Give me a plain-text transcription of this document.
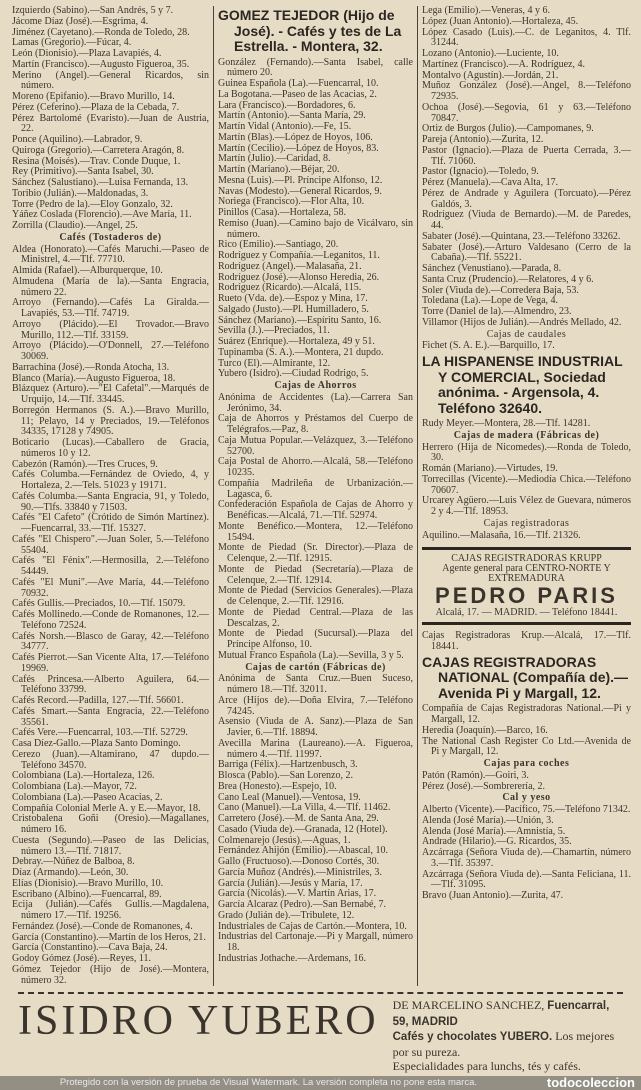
Izquierdo (Sabino).—San Andrés, 5 y 7.
Jácome Díaz (José).—Esgrima, 4.
Jiménez (Cayetano).—Ronda de Toledo, 28.
Lamas (Gregorio).—Fúcar, 4.
León (Dionisio).—Plaza Lavapiés, 4.
Martín (Francisco).—Augusto Figueroa, 35.
Merino (Angel).—General Ricardos, sin número.
Moreno (Epifanio).—Bravo Murillo, 14.
Pérez (Ceferino).—Plaza de la Cebada, 7.
Pérez Bartolomé (Evaristo).—Juan de Austria, 22.
Ponce (Aquilino).—Labrador, 9.
Quiroga (Gregorio).—Carretera Aragón, 8.
Resina (Moisés).—Trav. Conde Duque, 1.
Rey (Primitivo).—Santa Isabel, 30.
Sánchez (Salustiano).—Luisa Fernanda, 13.
Toribio (Julián).—Maldonadas, 3.
Torre (Pedro de la).—Eloy Gonzalo, 32.
Yáñez Coslada (Florencio).—Ave María, 11.
Zorrilla (Claudio).—Angel, 25.
Cafés (Tostaderos de)
Aldea (Honorato).—Cafés Maruchi.—Paseo de Ministrel, 4.—Tlf. 77710.
Almida (Rafael).—Alburquerque, 10.
Almudena (María de la).—Santa Engracia, número 22.
Arroyo (Fernando).—Cafés La Giralda.—Lavapiés, 53.—Tlf. 74719.
Arroyo (Plácido).—El Trovador.—Bravo Murillo, 112.—Tlf. 33159.
Arroyo (Plácido).—O'Donnell, 27.—Teléfono 30069.
Barrachina (José).—Ronda Atocha, 13.
Blanco (María).—Augusto Figueroa, 18.
Blázquez (Arturo).—"El Cafetal".—Marqués de Urquijo, 14.—Tlf. 33445.
Borregón Hermanos (S. A.).—Bravo Murillo, 11; Pelayo, 14 y Preciados, 19.—Teléfonos 34335, 17128 y 74905.
Boticario (Lucas).—Caballero de Gracia, números 10 y 12.
Cabezón (Ramón).—Tres Cruces, 9.
Cafés Columba.—Fernández de Oviedo, 4, y Hortaleza, 2.—Tels. 51023 y 19171.
Cafés Columba.—Santa Engracia, 91, y Toledo, 90.—Tlfs. 33840 y 71503.
Cafés "El Cafeto" (Crótido de Simón Martínez).—Fuencarral, 33.—Tlf. 15327.
Cafés "El Chispero".—Juan Soler, 5.—Teléfono 55404.
Cafés "El Fénix".—Hermosilla, 2.—Teléfono 54449.
Cafés "El Muni".—Ave María, 44.—Teléfono 70932.
Cafés Gullis.—Preciados, 10.—Tlf. 15079.
Cafés Mollinedo.—Conde de Romanones, 12.—Teléfono 72524.
Cafés Norsh.—Blasco de Garay, 42.—Teléfono 34777.
Cafés Pierrot.—San Vicente Alta, 17.—Teléfono 19969.
Cafés Princesa.—Alberto Aguilera, 64.—Teléfono 33799.
Cafés Record.—Padilla, 127.—Tlf. 56601.
Cafés Smart.—Santa Engracia, 22.—Teléfono 35561.
Cafés Vere.—Fuencarral, 103.—Tlf. 52729.
Casa Díez-Gallo.—Plaza Santo Domingo.
Cerezo (Juan).—Altamirano, 47 dupdo.—Teléfono 34570.
Colombiana (La).—Hortaleza, 126.
Colombiana (La).—Mayor, 72.
Colombiana (La).—Paseo Acacias, 2.
Compañía Colonial Merle A. y E.—Mayor, 18.
Cristobalena Goñi (Oresio).—Magallanes, número 16.
Cuesta (Segundo).—Paseo de las Delicias, número 13.—Tlf. 71817.
Debray.—Núñez de Balboa, 8.
Díaz (Armando).—León, 30.
Elías (Dionisio).—Bravo Murillo, 10.
Escribano (Albino).—Fuencarral, 89.
Ecija (Julián).—Cafés Gullis.—Magdalena, número 17.—Tlf. 19256.
Fernández (José).—Conde de Romanones, 4.
García (Constantino).—Martín de los Heros, 21.
García (Constantino).—Cava Baja, 24.
Godoy Gómez (José).—Reyes, 11.
Gómez Tejedor (Hijo de José).—Montera, número 32.
GOMEZ TEJEDOR (Hijo de José). - Cafés y tes de La Estrella. - Montera, 32.
González (Fernando).—Santa Isabel, calle número 20.
Guinea Española (La).—Fuencarral, 10.
La Bogotana.—Paseo de las Acacias, 2.
Lara (Francisco).—Bordadores, 6.
Martín (Antonio).—Santa María, 29.
Martín Vidal (Antonio).—Fe, 15.
Martín (Blas).—López de Hoyos, 106.
Martín (Cecilio).—López de Hoyos, 83.
Martín (Julio).—Caridad, 8.
Martín (Mariano).—Béjar, 20.
Mesna (Luis).—Pl. Príncipe Alfonso, 12.
Navas (Modesto).—General Ricardos, 9.
Noriega (Francisco).—Flor Alta, 10.
Pinillos (Casa).—Hortaleza, 58.
Remiso (Juan).—Camino bajo de Vicálvaro, sin número.
Rico (Emilio).—Santiago, 20.
Rodríguez y Compañía.—Leganitos, 11.
Rodríguez (Angel).—Malasaña, 21.
Rodríguez (José).—Alonso Heredia, 26.
Rodríguez (Ricardo).—Alcalá, 115.
Rueto (Vda. de).—Espoz y Mina, 17.
Salgado (Justo).—Pl. Humilladero, 5.
Sánchez (Mariano).—Espíritu Santo, 16.
Sevilla (J.).—Preciados, 11.
Suárez (Enrique).—Hortaleza, 49 y 51.
Tupinamba (S. A.).—Montera, 21 dupdo.
Turco (El).—Almirante, 12.
Yubero (Isidro).—Ciudad Rodrigo, 5.
Cajas de Ahorros
Anónima de Accidentes (La).—Carrera San Jerónimo, 34.
Caja de Ahorros y Préstamos del Cuerpo de Telégrafos.—Paz, 8.
Caja Mutua Popular.—Velázquez, 3.—Teléfono 52700.
Caja Postal de Ahorro.—Alcalá, 58.—Teléfono 10235.
Compañía Madrileña de Urbanización.—Lagasca, 6.
Confederación Española de Cajas de Ahorro y Benéficas.—Alcalá, 71.—Tlf. 52974.
Monte Benéfico.—Montera, 12.—Teléfono 15494.
Monte de Piedad (Sr. Director).—Plaza de Celenque, 2.—Tlf. 12915.
Monte de Piedad (Secretaría).—Plaza de Celenque, 2.—Tlf. 12914.
Monte de Piedad (Servicios Generales).—Plaza de Celenque, 2.—Tlf. 12916.
Monte de Piedad Central.—Plaza de las Descalzas, 2.
Monte de Piedad (Sucursal).—Plaza del Príncipe Alfonso, 10.
Mutual Franco Española (La).—Sevilla, 3 y 5.
Cajas de cartón (Fábricas de)
Anónima de Santa Cruz.—Buen Suceso, número 18.—Tlf. 32011.
Arce (Hijos de).—Doña Elvira, 7.—Teléfono 74245.
Asensio (Viuda de A. Sanz).—Plaza de San Javier, 6.—Tlf. 18894.
Avecilla Marina (Laureano).—A. Figueroa, número 4.—Tlf. 11997.
Barriga (Félix).—Hartzenbusch, 3.
Blosca (Pablo).—San Lorenzo, 2.
Brea (Honesto).—Espejo, 10.
Cano Leal (Manuel).—Ventosa, 19.
Cano (Manuel).—La Villa, 4.—Tlf. 11462.
Carretero (José).—M. de Santa Ana, 29.
Casado (Viuda de).—Granada, 12 (Hotel).
Colmenarejo (Jesús).—Aguas, 1.
Fernández Ahijón (Emilio).—Abascal, 10.
Gallo (Fructuoso).—Donoso Cortés, 30.
García Muñoz (Andrés).—Ministriles, 3.
García (Julián).—Jesús y María, 17.
García (Nicolás).—V. Martín Arias, 17.
García Alcaraz (Pedro).—San Bernabé, 7.
Grado (Julián de).—Tribulete, 12.
Industriales de Cajas de Cartón.—Montera, 10.
Industrias del Cartonaje.—Pi y Margall, número 18.
Industrias Jothache.—Ardemans, 16.
Lega (Emilio).—Veneras, 4 y 6.
López (Juan Antonio).—Hortaleza, 45.
López Casado (Luis).—C. de Leganitos, 4. Tlf. 31244.
Lozano (Antonio).—Luciente, 10.
Martínez (Francisco).—A. Rodríguez, 4.
Montalvo (Agustín).—Jordán, 21.
Muñoz González (José).—Angel, 8.—Teléfono 72935.
Ochoa (José).—Segovia, 61 y 63.—Teléfono 70847.
Ortiz de Burgos (Julio).—Campomanes, 9.
Pareja (Antonio).—Zurita, 12.
Pastor (Ignacio).—Plaza de Puerta Cerrada, 3.—Tlf. 71060.
Pastor (Ignacio).—Toledo, 9.
Pérez (Manuela).—Cava Alta, 17.
Pérez de Andrade y Aguilera (Torcuato).—Pérez Galdós, 3.
Rodríguez (Viuda de Bernardo).—M. de Paredes, 44.
Sabater (José).—Quintana, 23.—Teléfono 33262.
Sabater (José).—Arturo Valdesano (Cerro de la Cabaña).—Tlf. 55221.
Sánchez (Venustiano).—Parada, 8.
Santa Cruz (Prudencio).—Relatores, 4 y 6.
Soler (Viuda de).—Corredera Baja, 53.
Toledana (La).—Lope de Vega, 4.
Torre (Daniel de la).—Almendro, 23.
Villamor (Hijos de Julián).—Andrés Mellado, 42.
Cajas de caudales
Fichet (S. A. E.).—Barquillo, 17.
LA HISPANENSE INDUSTRIAL Y COMERCIAL, Sociedad anónima. - Argensola, 4. Teléfono 32640.
Rudy Meyer.—Montera, 28.—Tlf. 14281.
Cajas de madera (Fábricas de)
Herrero (Hija de Nicomedes).—Ronda de Toledo, 30.
Román (Mariano).—Virtudes, 19.
Torrecillas (Vicente).—Mediodía Chica.—Teléfono 70607.
Urcarey Agüero.—Luis Vélez de Guevara, números 2 y 4.—Tlf. 18953.
Cajas registradoras
Aquilino.—Malasaña, 16.—Tlf. 21326.
CAJAS REGISTRADORAS KRUPP
Agente general para CENTRO-NORTE Y EXTREMADURA
PEDRO PARIS
Alcalá, 17. — MADRID. — Teléfono 18441.
Cajas Registradoras Krup.—Alcalá, 17.—Tlf. 18441.
CAJAS REGISTRADORAS NATIONAL (Compañía de).—Avenida Pi y Margall, 12.
Compañía de Cajas Registradoras National.—Pi y Margall, 12.
Heredia (Joaquín).—Barco, 16.
The National Cash Register Co Ltd.—Avenida de Pi y Margall, 12.
Cajas para coches
Patón (Ramón).—Goiri, 3.
Pérez (José).—Sombrerería, 2.
Cal y yeso
Alberto (Vicente).—Pacífico, 75.—Teléfono 71342.
Alenda (José María).—Unión, 3.
Alenda (José María).—Amnistía, 5.
Andrade (Hilario).—G. Ricardos, 35.
Azcárraga (Señora Viuda de).—Chamartín, número 3.—Tlf. 35397.
Azcárraga (Señora Viuda de).—Santa Feliciana, 11.—Tlf. 31095.
Bravo (Juan Antonio).—Zurita, 47.
ISIDRO YUBERO DE MARCELINO SANCHEZ, Fuencarral, 59, MADRID
Cafés y chocolates YUBERO. Los mejores por su pureza.
Especialidades para lunchs, tés y cafés.
Protegido con la versión de prueba de Visual Watermark. La versión completa no pone esta marca.	todocoleccion
